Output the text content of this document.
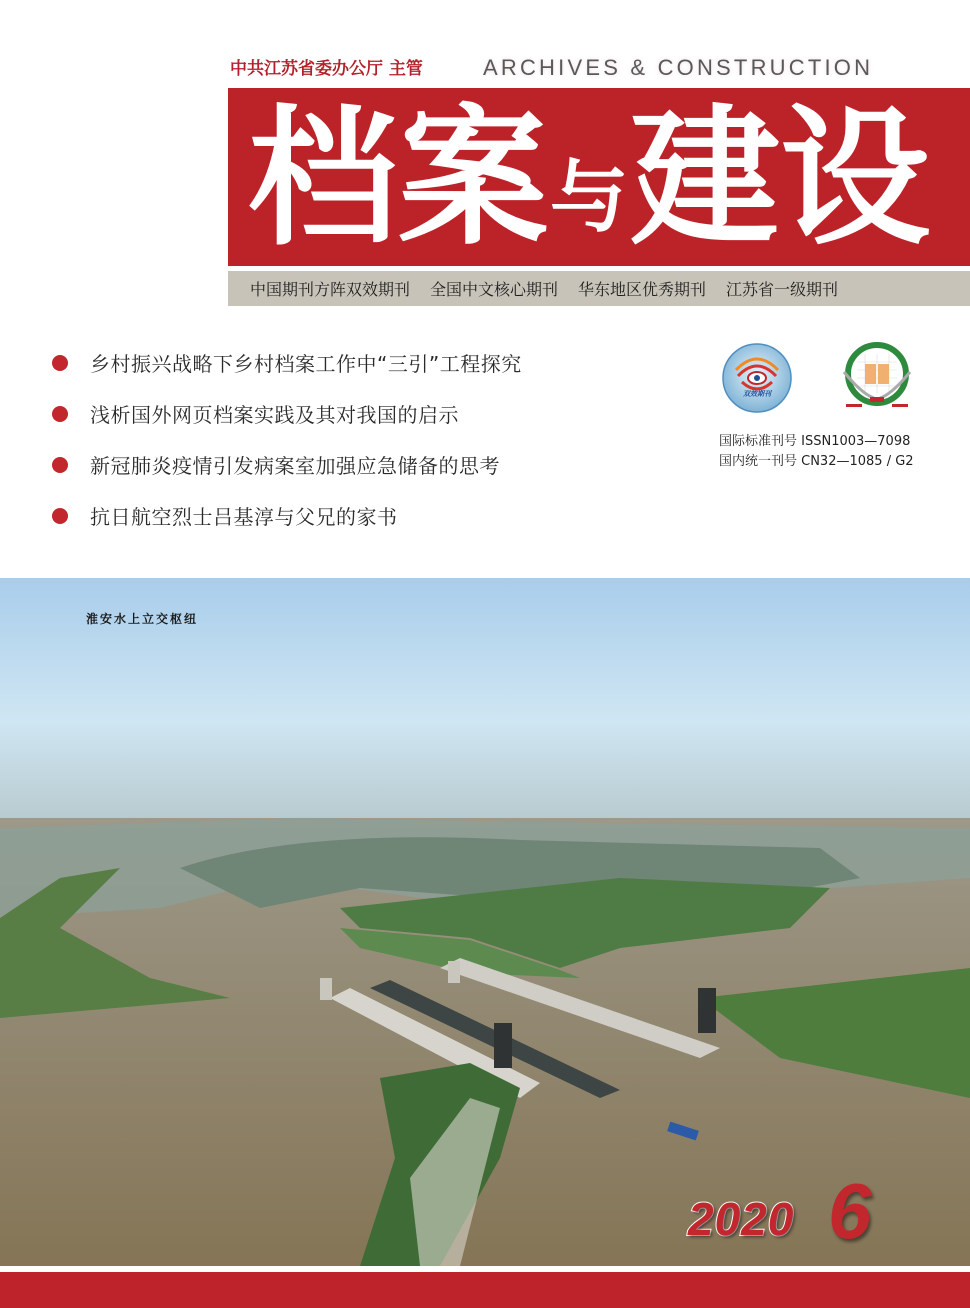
中共江苏省委办公厅 主管	ARCHIVES & CONSTRUCTION
档 案 与 建 设
中国期刊方阵双效期刊 全国中文核心期刊 华东地区优秀期刊 江苏省一级期刊
乡村振兴战略下乡村档案工作中“三引”工程探究
浅析国外网页档案实践及其对我国的启示
新冠肺炎疫情引发病案室加强应急储备的思考
抗日航空烈士吕基淳与父兄的家书
双效期刊
国际标准刊号 ISSN1003—7098
国内统一刊号 CN32—1085 / G2
淮安水上立交枢纽
2020 6
